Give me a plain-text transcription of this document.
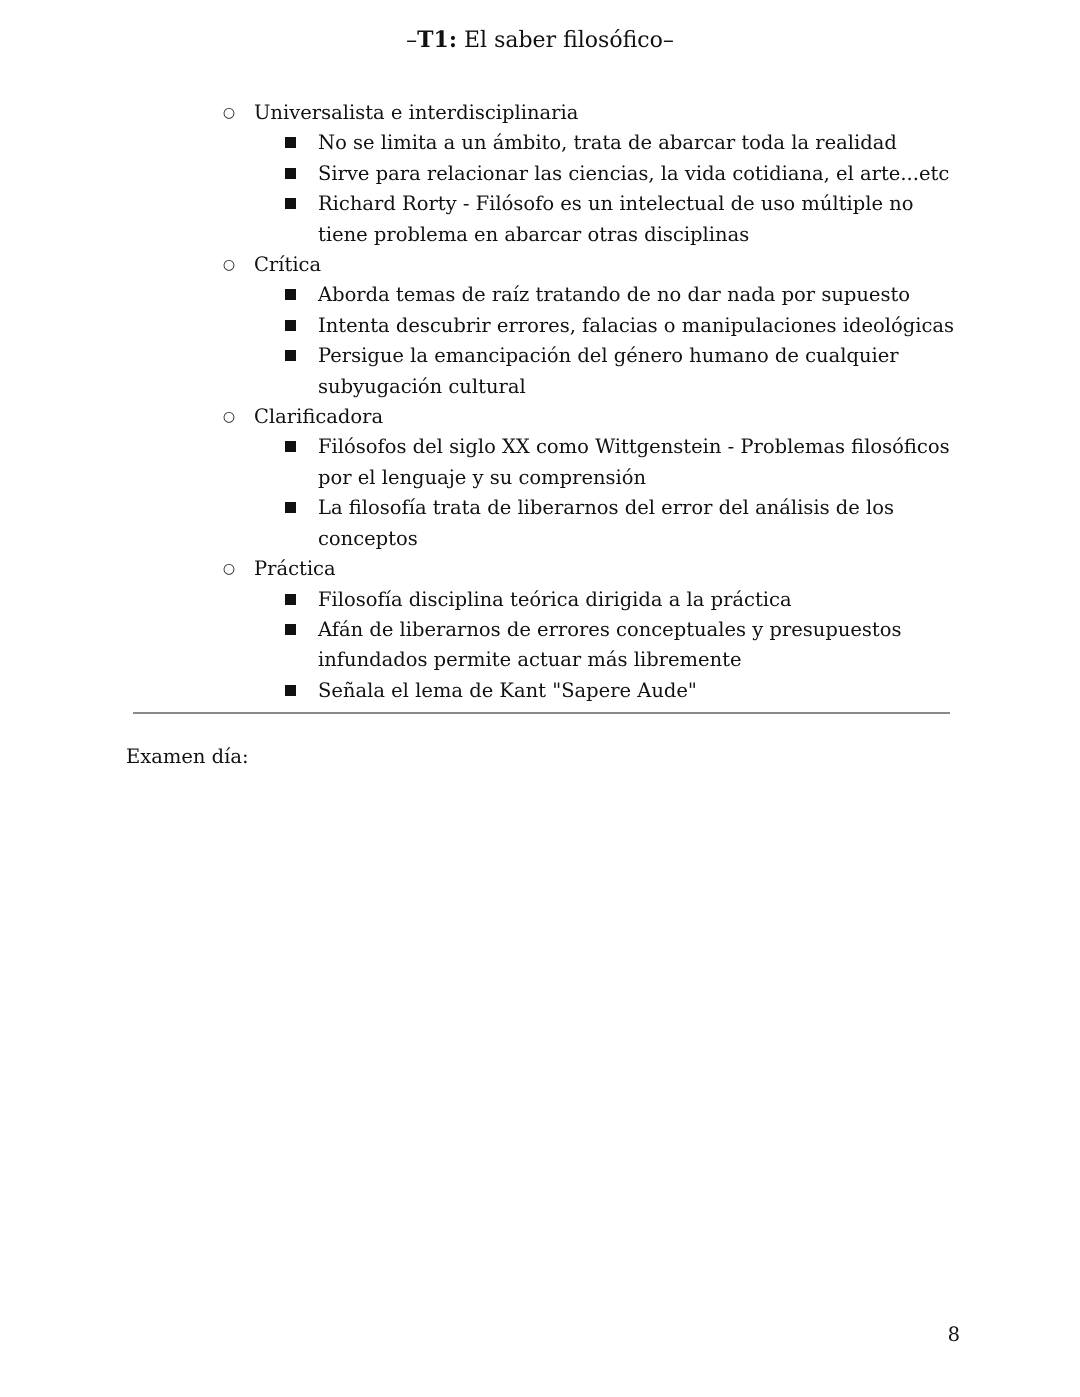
–T1: El saber filosófico–
○ Universalista e interdisciplinaria
No se limita a un ámbito, trata de abarcar toda la realidad
Sirve para relacionar las ciencias, la vida cotidiana, el arte...etc
Richard Rorty - Filósofo es un intelectual de uso múltiple no tiene problema en abarcar otras disciplinas
○ Crítica
Aborda temas de raíz tratando de no dar nada por supuesto
Intenta descubrir errores, falacias o manipulaciones ideológicas
Persigue la emancipación del género humano de cualquier subyugación cultural
○ Clarificadora
Filósofos del siglo XX como Wittgenstein - Problemas filosóficos por el lenguaje y su comprensión
La filosofía trata de liberarnos del error del análisis de los conceptos
○ Práctica
Filosofía disciplina teórica dirigida a la práctica
Afán de liberarnos de errores conceptuales y presupuestos infundados permite actuar más libremente
Señala el lema de Kant "Sapere Aude"
Examen día:
8
